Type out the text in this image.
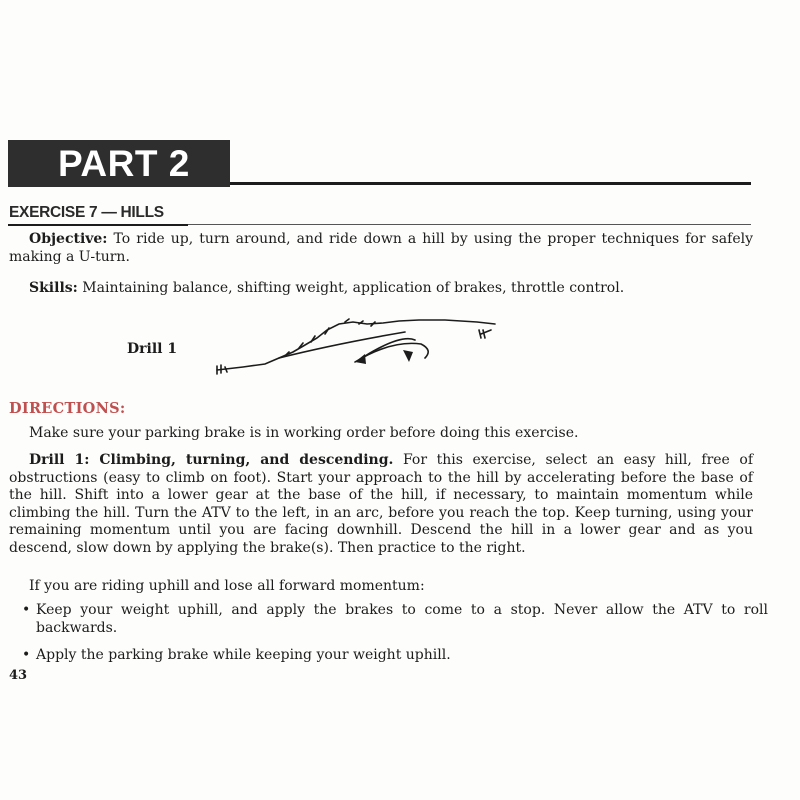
PART 2
EXERCISE 7 — HILLS
Objective: To ride up, turn around, and ride down a hill by using the proper techniques for safely making a U-turn.
Skills: Maintaining balance, shifting weight, application of brakes, throttle control.
Drill 1
DIRECTIONS:
Make sure your parking brake is in working order before doing this exercise.
Drill 1: Climbing, turning, and descending. For this exercise, select an easy hill, free of obstructions (easy to climb on foot). Start your approach to the hill by accelerating before the base of the hill. Shift into a lower gear at the base of the hill, if necessary, to maintain momentum while climbing the hill. Turn the ATV to the left, in an arc, before you reach the top. Keep turning, using your remaining momentum until you are facing downhill. Descend the hill in a lower gear and as you descend, slow down by applying the brake(s). Then practice to the right.
If you are riding uphill and lose all forward momentum:
• Keep your weight uphill, and apply the brakes to come to a stop. Never allow the ATV to roll backwards.
• Apply the parking brake while keeping your weight uphill.
43
